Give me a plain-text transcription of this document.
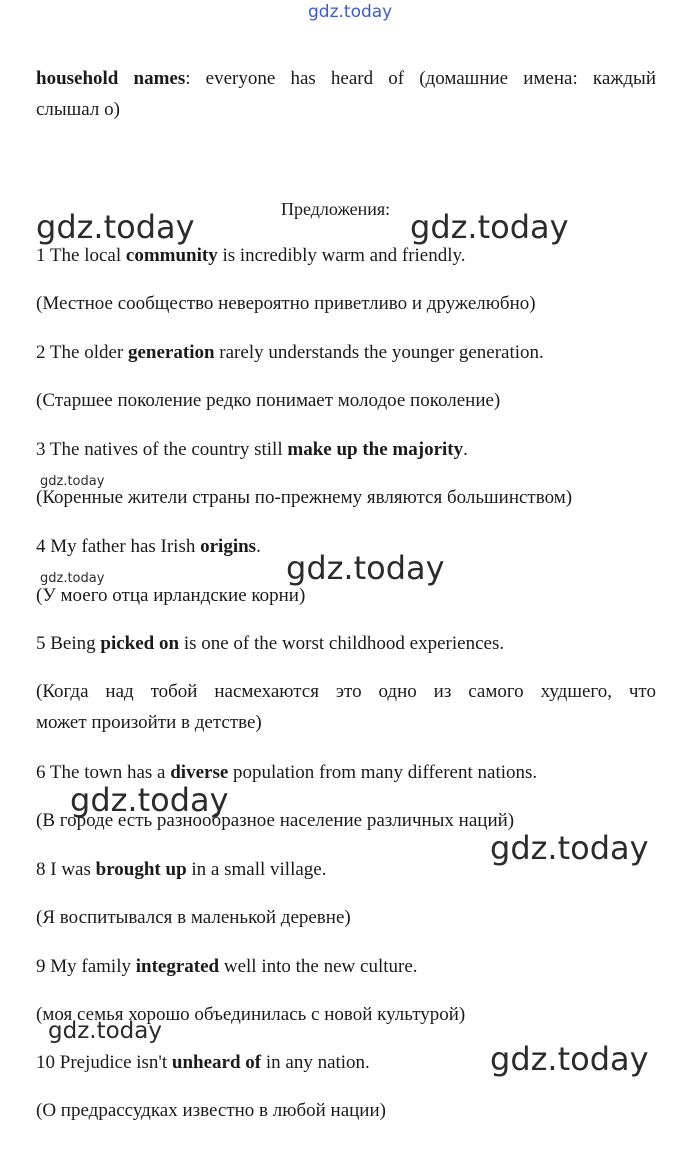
gdz.today
household names: everyone has heard of (домашние имена: каждый
слышал о)
Предложения:
1 The local community is incredibly warm and friendly.
(Местное сообщество невероятно приветливо и дружелюбно)
2 The older generation rarely understands the younger generation.
(Старшее поколение редко понимает молодое поколение)
3 The natives of the country still make up the majority.
(Коренные жители страны по-прежнему являются большинством)
4 My father has Irish origins.
(У моего отца ирландские корни)
5 Being picked on is one of the worst childhood experiences.
(Когда над тобой насмехаются это одно из самого худшего, что
может произойти в детстве)
6 The town has a diverse population from many different nations.
(В городе есть разнообразное население различных наций)
8 I was brought up in a small village.
(Я воспитывался в маленькой деревне)
9 My family integrated well into the new culture.
(моя семья хорошо объединилась с новой культурой)
10 Prejudice isn't unheard of in any nation.
(О предрассудках известно в любой нации)
gdz.today	gdz.today
gdz.today
gdz.today	gdz.today
gdz.today
gdz.today
gdz.today
gdz.today
